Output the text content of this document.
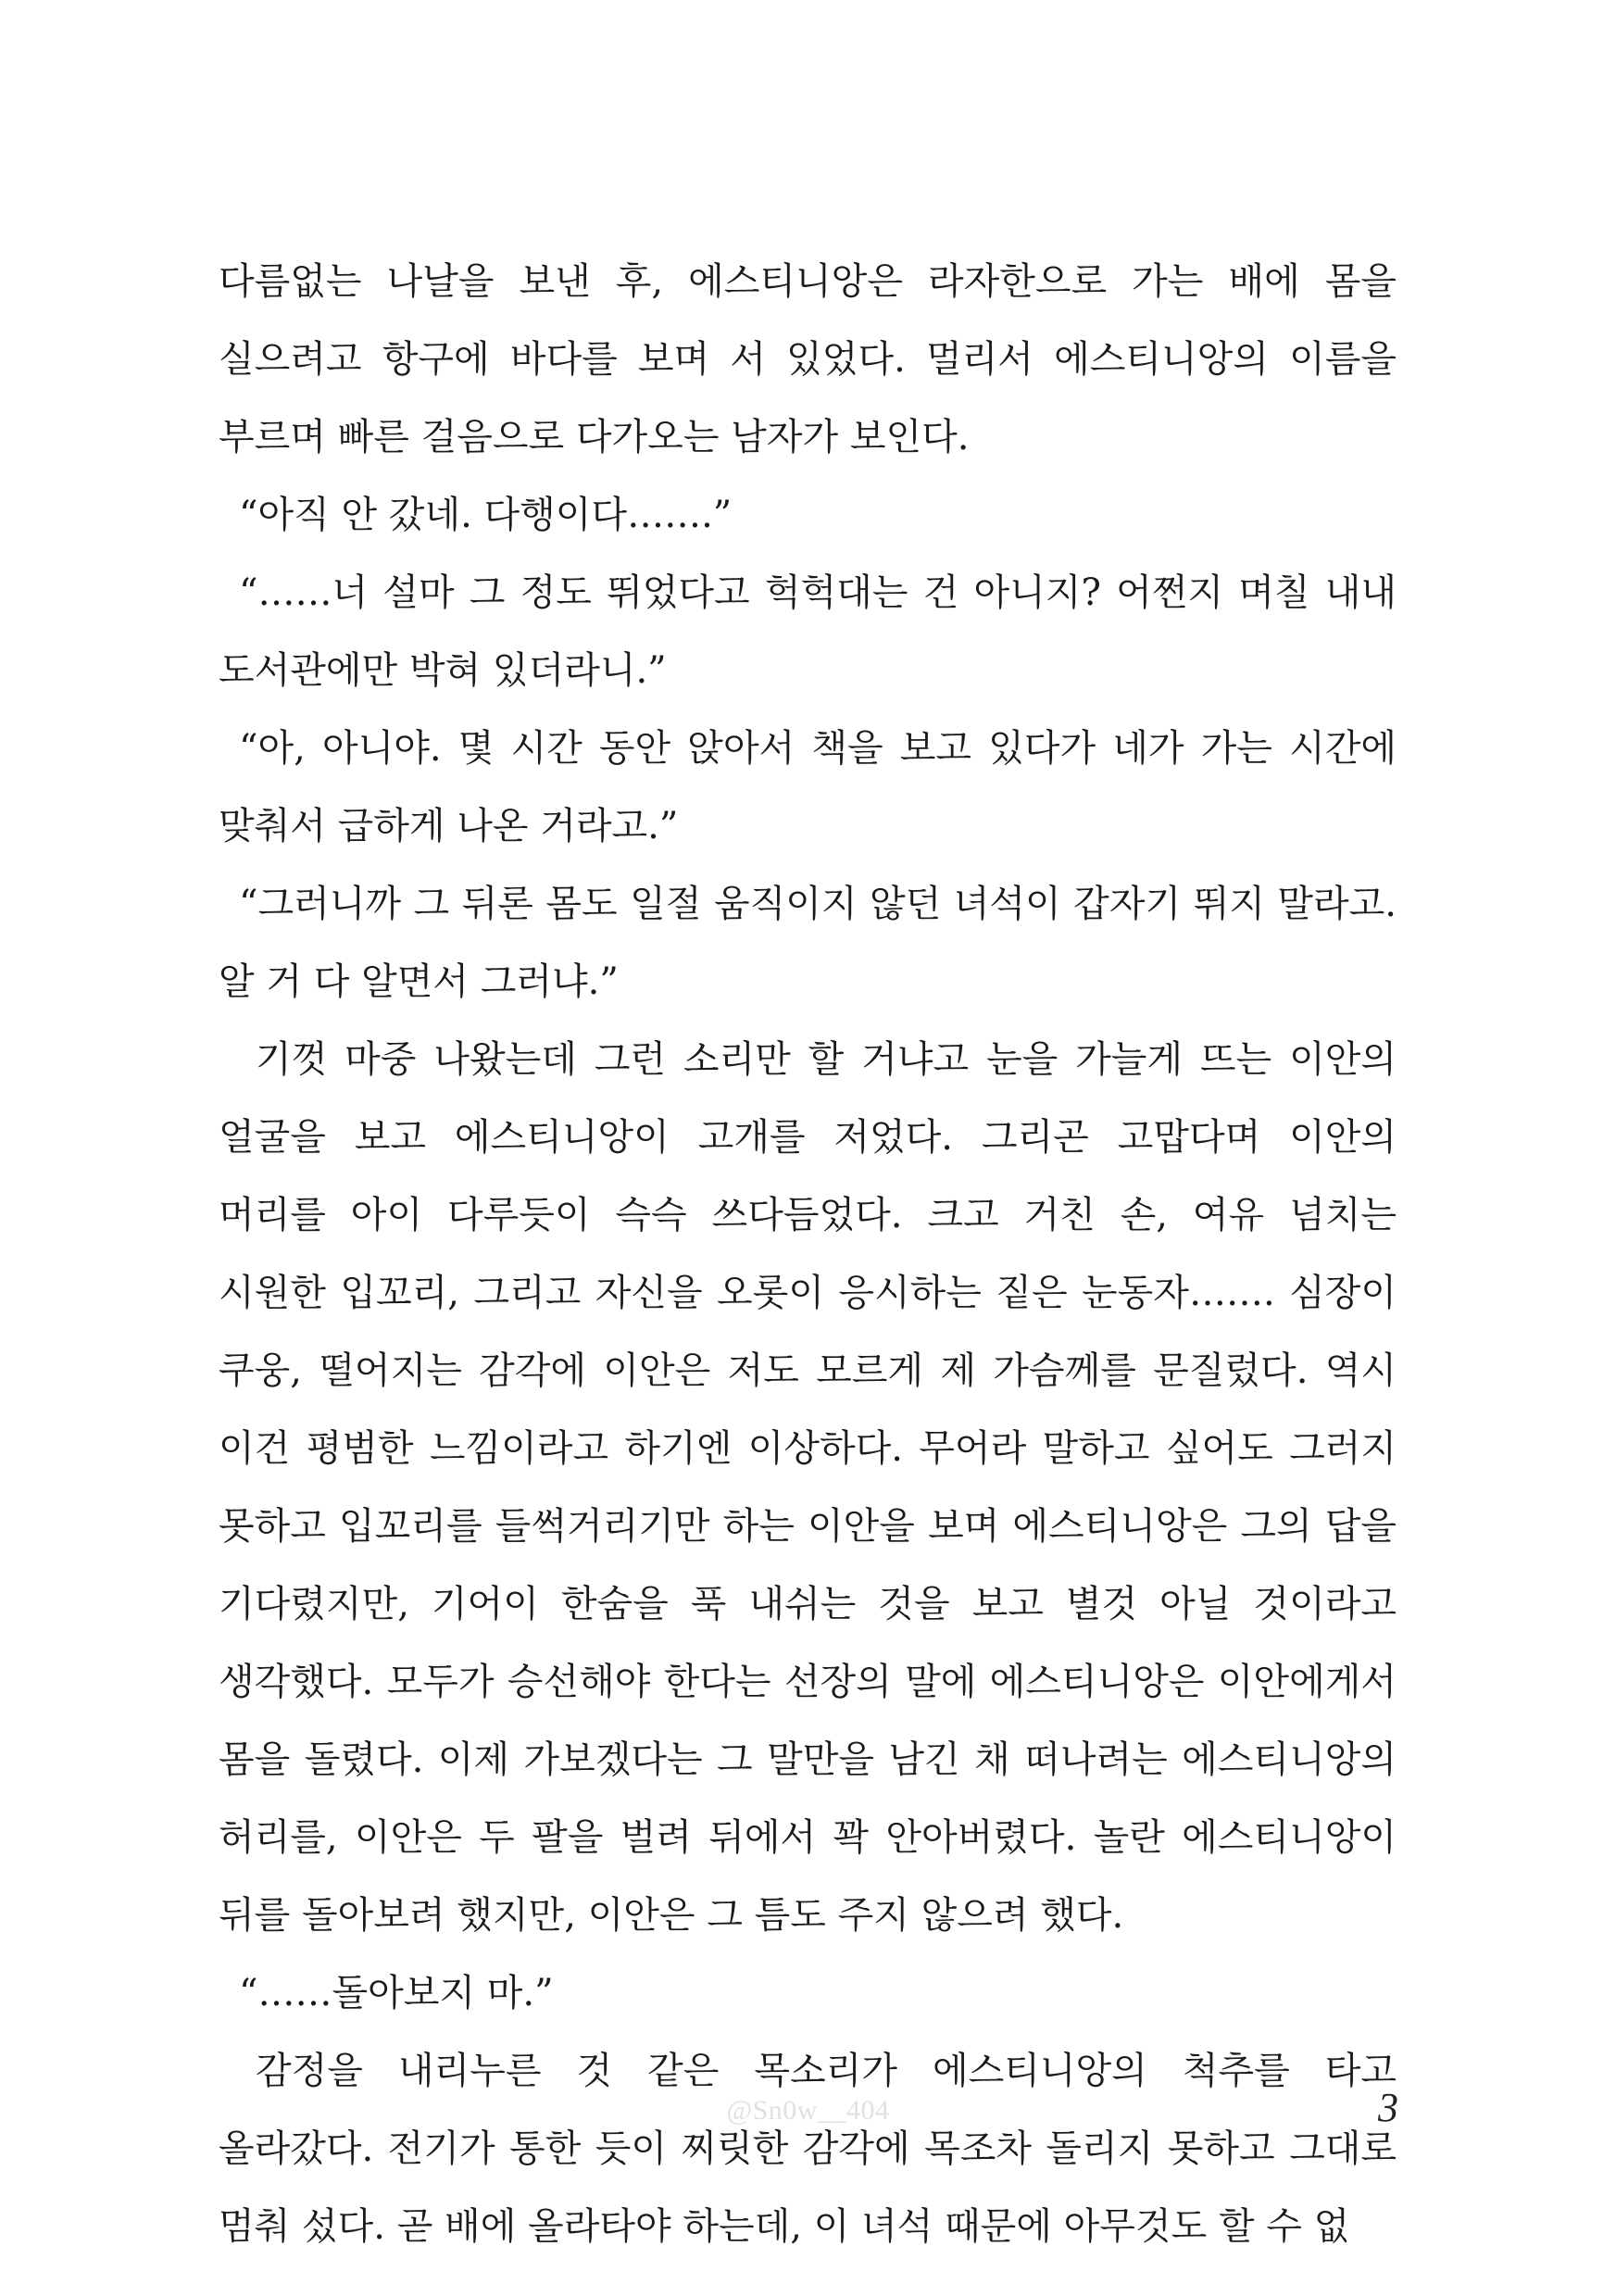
다름없는 나날을 보낸 후, 에스티니앙은 라자한으로 가는 배에 몸을 실으려고 항구에 바다를 보며 서 있었다. 멀리서 에스티니앙의 이름을 부르며 빠른 걸음으로 다가오는 남자가 보인다.

“아직 안 갔네. 다행이다…….”

“……너 설마 그 정도 뛰었다고 헉헉대는 건 아니지? 어쩐지 며칠 내내 도서관에만 박혀 있더라니.”

“아, 아니야. 몇 시간 동안 앉아서 책을 보고 있다가 네가 가는 시간에 맞춰서 급하게 나온 거라고.”

“그러니까 그 뒤론 몸도 일절 움직이지 않던 녀석이 갑자기 뛰지 말라고. 알 거 다 알면서 그러냐.”

기껏 마중 나왔는데 그런 소리만 할 거냐고 눈을 가늘게 뜨는 이안의 얼굴을 보고 에스티니앙이 고개를 저었다. 그리곤 고맙다며 이안의 머리를 아이 다루듯이 슥슥 쓰다듬었다. 크고 거친 손, 여유 넘치는 시원한 입꼬리, 그리고 자신을 오롯이 응시하는 짙은 눈동자……. 심장이 쿠웅, 떨어지는 감각에 이안은 저도 모르게 제 가슴께를 문질렀다. 역시 이건 평범한 느낌이라고 하기엔 이상하다. 무어라 말하고 싶어도 그러지 못하고 입꼬리를 들썩거리기만 하는 이안을 보며 에스티니앙은 그의 답을 기다렸지만, 기어이 한숨을 푹 내쉬는 것을 보고 별것 아닐 것이라고 생각했다. 모두가 승선해야 한다는 선장의 말에 에스티니앙은 이안에게서 몸을 돌렸다. 이제 가보겠다는 그 말만을 남긴 채 떠나려는 에스티니앙의 허리를, 이안은 두 팔을 벌려 뒤에서 꽉 안아버렸다. 놀란 에스티니앙이 뒤를 돌아보려 했지만, 이안은 그 틈도 주지 않으려 했다.

“……돌아보지 마.”

감정을 내리누른 것 같은 목소리가 에스티니앙의 척추를 타고 올라갔다. 전기가 통한 듯이 찌릿한 감각에 목조차 돌리지 못하고 그대로 멈춰 섰다. 곧 배에 올라타야 하는데, 이 녀석 때문에 아무것도 할 수 없

@Sn0w__404	3
